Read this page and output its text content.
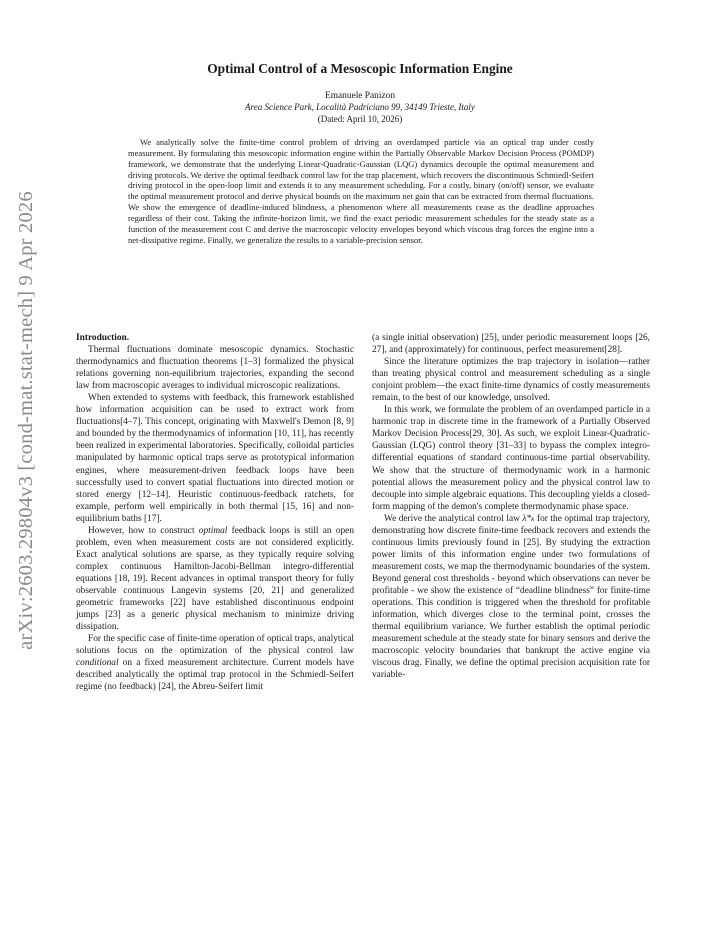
arXiv:2603.29804v3 [cond-mat.stat-mech] 9 Apr 2026
Optimal Control of a Mesoscopic Information Engine

Emanuele Panizon

Area Science Park, Località Padriciano 99, 34149 Trieste, Italy

(Dated: April 10, 2026)

We analytically solve the finite-time control problem of driving an overdamped particle via an optical trap under costly measurement. By formulating this mesoscopic information engine within the Partially Observable Markov Decision Process (POMDP) framework, we demonstrate that the underlying Linear-Quadratic-Gaussian (LQG) dynamics decouple the optimal measurement and driving protocols. We derive the optimal feedback control law for the trap placement, which recovers the discontinuous Schmiedl-Seifert driving protocol in the open-loop limit and extends it to any measurement scheduling. For a costly, binary (on/off) sensor, we evaluate the optimal measurement protocol and derive physical bounds on the maximum net gain that can be extracted from thermal fluctuations. We show the emergence of deadline-induced blindness, a phenomenon where all measurements cease as the deadline approaches regardless of their cost. Taking the infinite-horizon limit, we find the exact periodic measurement schedules for the steady state as a function of the measurement cost C and derive the macroscopic velocity envelopes beyond which viscous drag forces the engine into a net-dissipative regime. Finally, we generalize the results to a variable-precision sensor.

Introduction.

Thermal fluctuations dominate mesoscopic dynamics. Stochastic thermodynamics and fluctuation theorems [1–3] formalized the physical relations governing non-equilibrium trajectories, expanding the second law from macroscopic averages to individual microscopic realizations.

When extended to systems with feedback, this framework established how information acquisition can be used to extract work from fluctuations[4–7]. This concept, originating with Maxwell's Demon [8, 9] and bounded by the thermodynamics of information [10, 11], has recently been realized in experimental laboratories. Specifically, colloidal particles manipulated by harmonic optical traps serve as prototypical information engines, where measurement-driven feedback loops have been successfully used to convert spatial fluctuations into directed motion or stored energy [12–14]. Heuristic continuous-feedback ratchets, for example, perform well empirically in both thermal [15, 16] and non-equilibrium baths [17].

However, how to construct optimal feedback loops is still an open problem, even when measurement costs are not considered explicitly. Exact analytical solutions are sparse, as they typically require solving complex continuous Hamilton-Jacobi-Bellman integro-differential equations [18, 19]. Recent advances in optimal transport theory for fully observable continuous Langevin systems [20, 21] and generalized geometric frameworks [22] have established discontinuous endpoint jumps [23] as a generic physical mechanism to minimize driving dissipation.

For the specific case of finite-time operation of optical traps, analytical solutions focus on the optimization of the physical control law conditional on a fixed measurement architecture. Current models have described analytically the optimal trap protocol in the Schmiedl-Seifert regime (no feedback) [24], the Abreu-Seifert limit

(a single initial observation) [25], under periodic measurement loops [26, 27], and (approximately) for continuous, perfect measurement[28].

Since the literature optimizes the trap trajectory in isolation—rather than treating physical control and measurement scheduling as a single conjoint problem—the exact finite-time dynamics of costly measurements remain, to the best of our knowledge, unsolved.

In this work, we formulate the problem of an overdamped particle in a harmonic trap in discrete time in the framework of a Partially Observed Markov Decision Process[29, 30]. As such, we exploit Linear-Quadratic-Gaussian (LQG) control theory [31–33] to bypass the complex integro-differential equations of standard continuous-time partial observability. We show that the structure of thermodynamic work in a harmonic potential allows the measurement policy and the physical control law to decouple into simple algebraic equations. This decoupling yields a closed-form mapping of the demon's complete thermodynamic phase space.

We derive the analytical control law λ*ₖ for the optimal trap trajectory, demonstrating how discrete finite-time feedback recovers and extends the continuous limits previously found in [25]. By studying the extraction power limits of this information engine under two formulations of measurement costs, we map the thermodynamic boundaries of the system. Beyond general cost thresholds - beyond which observations can never be profitable - we show the existence of “deadline blindness” for finite-time operations. This condition is triggered when the threshold for profitable information, which diverges close to the terminal point, crosses the thermal equilibrium variance. We further establish the optimal periodic measurement schedule at the steady state for binary sensors and derive the macroscopic velocity boundaries that bankrupt the active engine via viscous drag. Finally, we define the optimal precision acquisition rate for variable-
